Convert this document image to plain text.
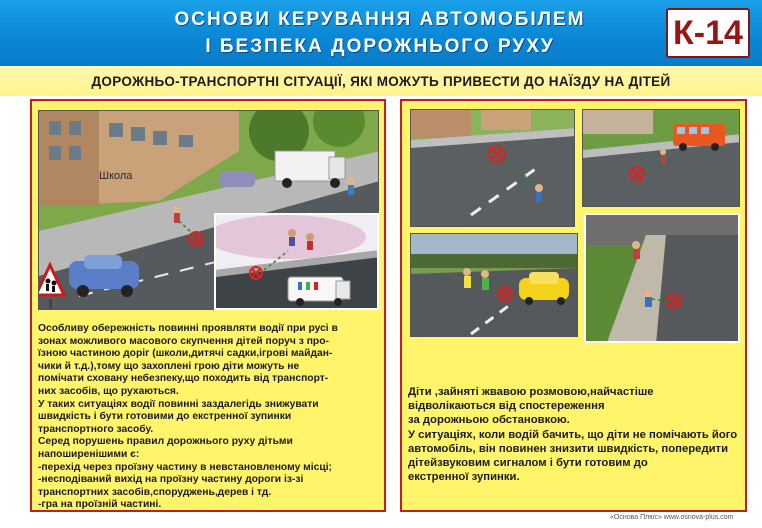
ОСНОВИ КЕРУВАННЯ АВТОМОБІЛЕМ
І БЕЗПЕКА ДОРОЖНЬОГО РУХУ	К-14
ДОРОЖНЬО-ТРАНСПОРТНІ СІТУАЦІЇ, ЯКІ МОЖУТЬ ПРИВЕСТИ ДО НАЇЗДУ НА ДІТЕЙ
Школа

Особливу обережність повинні проявляти водії при русі в

зонах можливого масового скупчення дітей поруч з про-

їзною частиною доріг (школи,дитячі садки,ігрові майдан-

чики й т.д.),тому що захоплені грою діти можуть не

помічати сховану небезпеку,що походить від транспорт-

них засобів, що рухаються.

У таких ситуаціях водії повинні заздалегідь знижувати

швидкість і бути готовими до екстренної зупинки

транспортного засобу.

Серед порушень правил дорожнього руху дітьми

напоширенішими є:

-перехід через проїзну частину в невстановленому місці;

-несподіваний вихід на проїзну частину дороги із-зі

транспортних засобів,споруджень,дерев і тд.

-гра на проїзній частині.

Діти ,зайняті жвавою розмовою,найчастіше

відволікаються від спостереження

за дорожньою обстановкою.

У ситуаціях, коли водій бачить, що діти не помічають його

автомобіль, він повинен знизити швидкість, попередити

дітейзвуковим сигналом і бути готовим до

екстренної зупинки.

«Основа Плюс» www.osnova-plus.com
